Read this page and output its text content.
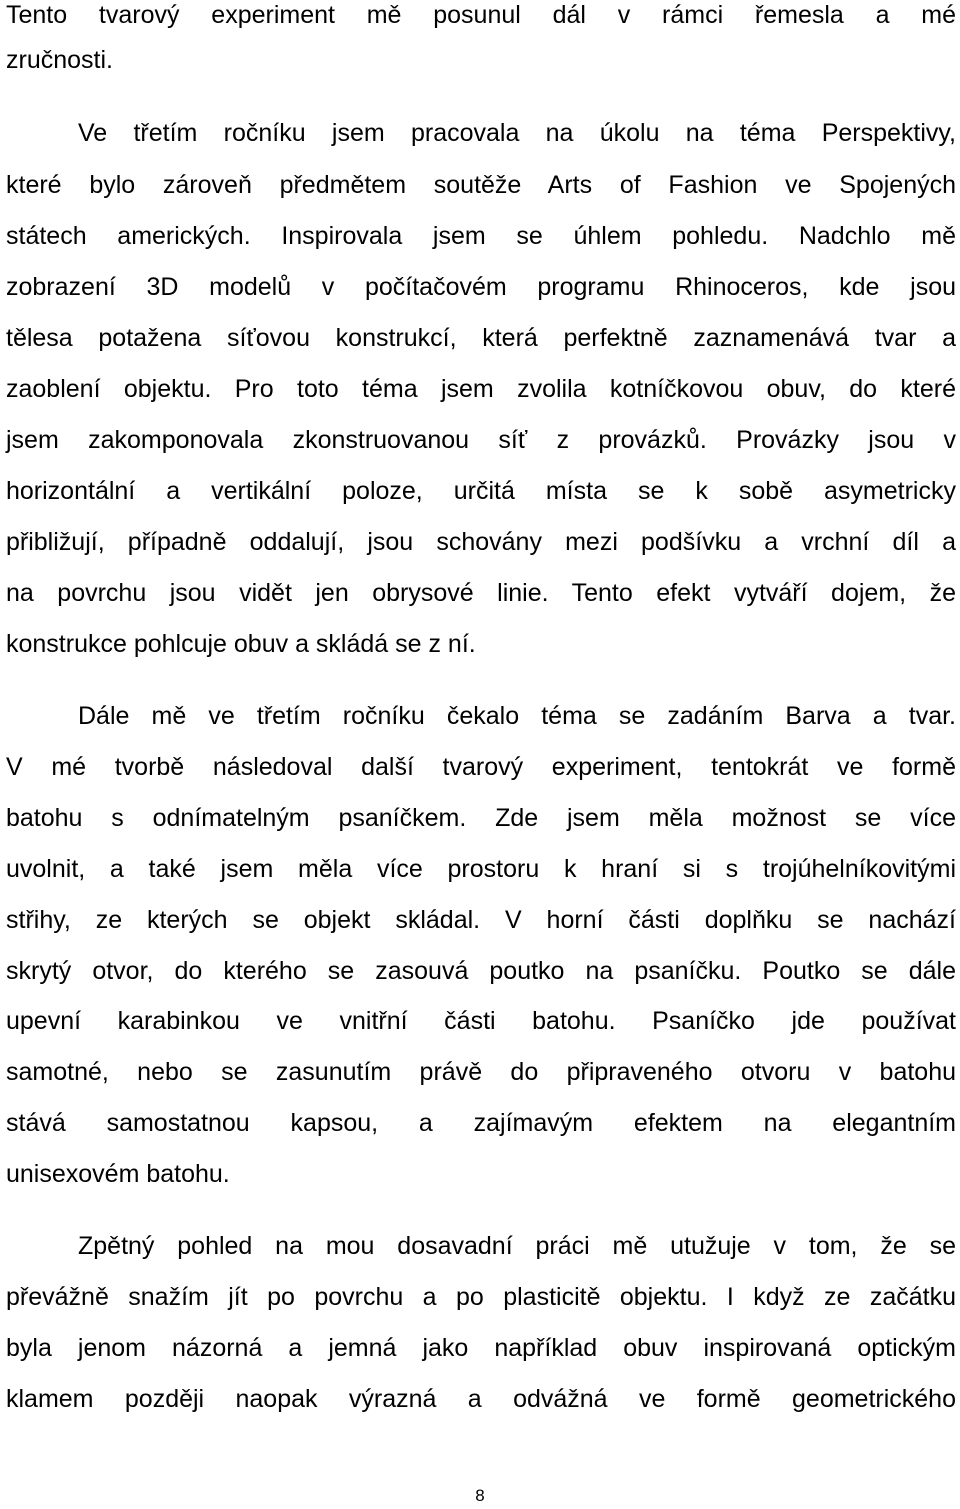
Tento tvarový experiment mě posunul dál v rámci řemesla a mé
zručnosti.
Ve třetím ročníku jsem pracovala na úkolu na téma Perspektivy,
které bylo zároveň předmětem soutěže Arts of Fashion ve Spojených
státech amerických. Inspirovala jsem se úhlem pohledu. Nadchlo mě
zobrazení 3D modelů v počítačovém programu Rhinoceros, kde jsou
tělesa potažena síťovou konstrukcí, která perfektně zaznamenává tvar a
zaoblení objektu. Pro toto téma jsem zvolila kotníčkovou obuv, do které
jsem zakomponovala zkonstruovanou síť z provázků. Provázky jsou v
horizontální a vertikální poloze, určitá místa se k sobě asymetricky
přibližují, případně oddalují, jsou schovány mezi podšívku a vrchní díl a
na povrchu jsou vidět jen obrysové linie. Tento efekt vytváří dojem, že
konstrukce pohlcuje obuv a skládá se z ní.
Dále mě ve třetím ročníku čekalo téma se zadáním Barva a tvar.
V mé tvorbě následoval další tvarový experiment, tentokrát ve formě
batohu s odnímatelným psaníčkem. Zde jsem měla možnost se více
uvolnit, a také jsem měla více prostoru k hraní si s trojúhelníkovitými
střihy, ze kterých se objekt skládal. V horní části doplňku se nachází
skrytý otvor, do kterého se zasouvá poutko na psaníčku. Poutko se dále
upevní karabinkou ve vnitřní části batohu. Psaníčko jde používat
samotné, nebo se zasunutím právě do připraveného otvoru v batohu
stává samostatnou kapsou, a zajímavým efektem na elegantním
unisexovém batohu.
Zpětný pohled na mou dosavadní práci mě utužuje v tom, že se
převážně snažím jít po povrchu a po plasticitě objektu. I když ze začátku
byla jenom názorná a jemná jako například obuv inspirovaná optickým
klamem později naopak výrazná a odvážná ve formě geometrického
8
